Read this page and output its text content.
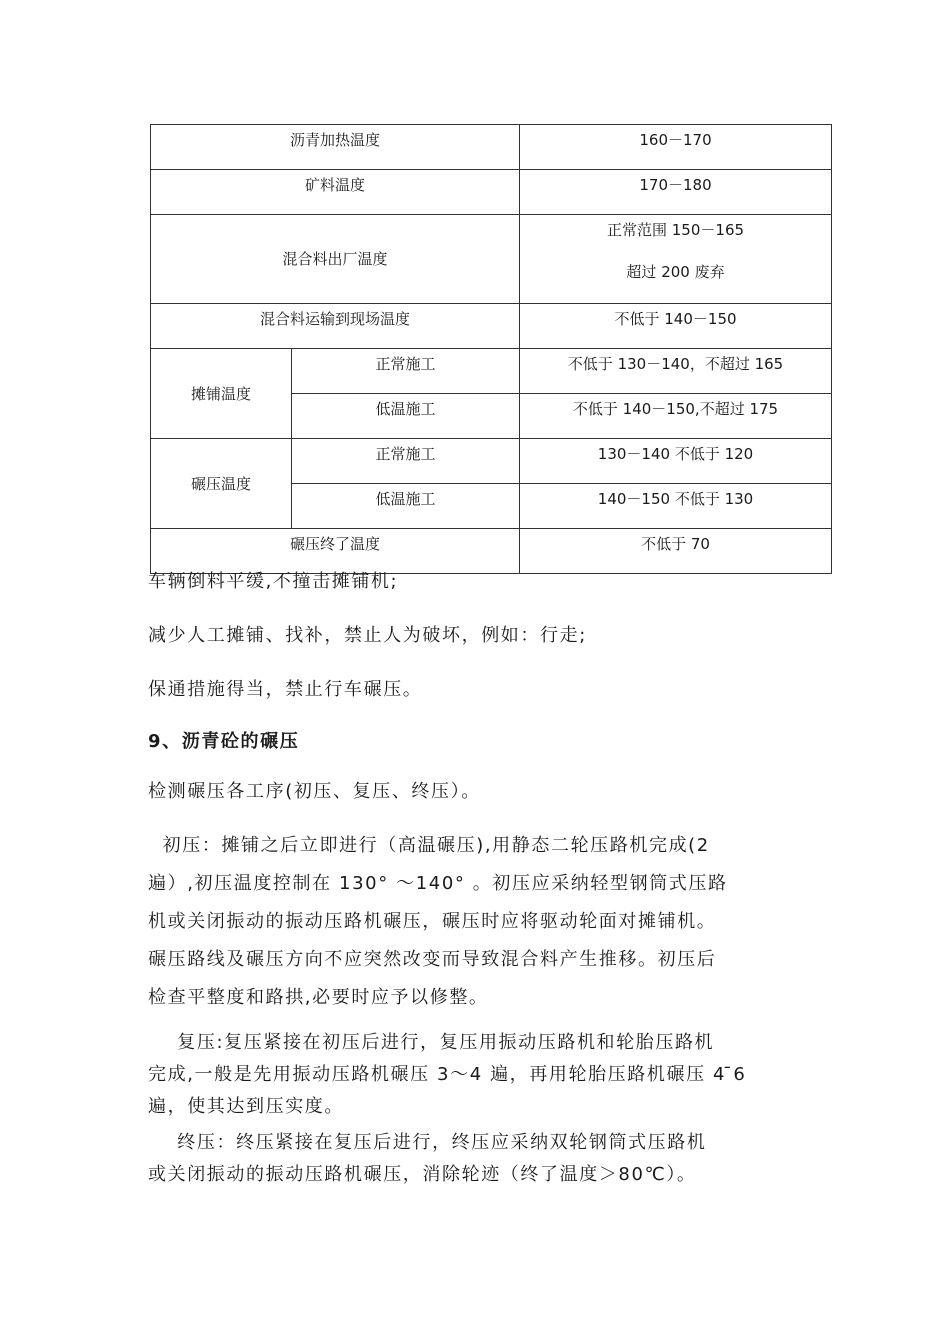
沥青加热温度		160－170
矿料温度		170－180
混合料出厂温度		正常范围 150－165
超过 200 废弃

混合料运输到现场温度		不低于 140－150
摊铺温度	正常施工	不低于 130－140，不超过 165
	低温施工	不低于 140－150,不超过 175
碾压温度	正常施工	130－140 不低于 120
	低温施工	140－150 不低于 130
碾压终了温度		不低于 70
车辆倒料平缓,不撞击摊铺机;
减少人工摊铺、找补，禁止人为破坏，例如：行走;
保通措施得当，禁止行车碾压。
9、沥青砼的碾压
检测碾压各工序(初压、复压、终压）。
初压：摊铺之后立即进行（高温碾压),用静态二轮压路机完成(2
遍）,初压温度控制在 130° ～140° 。初压应采纳轻型钢筒式压路
机或关闭振动的振动压路机碾压，碾压时应将驱动轮面对摊铺机。
碾压路线及碾压方向不应突然改变而导致混合料产生推移。初压后
检查平整度和路拱,必要时应予以修整。
复压:复压紧接在初压后进行，复压用振动压路机和轮胎压路机
完成,一般是先用振动压路机碾压 3～4 遍，再用轮胎压路机碾压 4 ̄6
遍，使其达到压实度。
终压：终压紧接在复压后进行，终压应采纳双轮钢筒式压路机
或关闭振动的振动压路机碾压，消除轮迹（终了温度＞80℃）。
